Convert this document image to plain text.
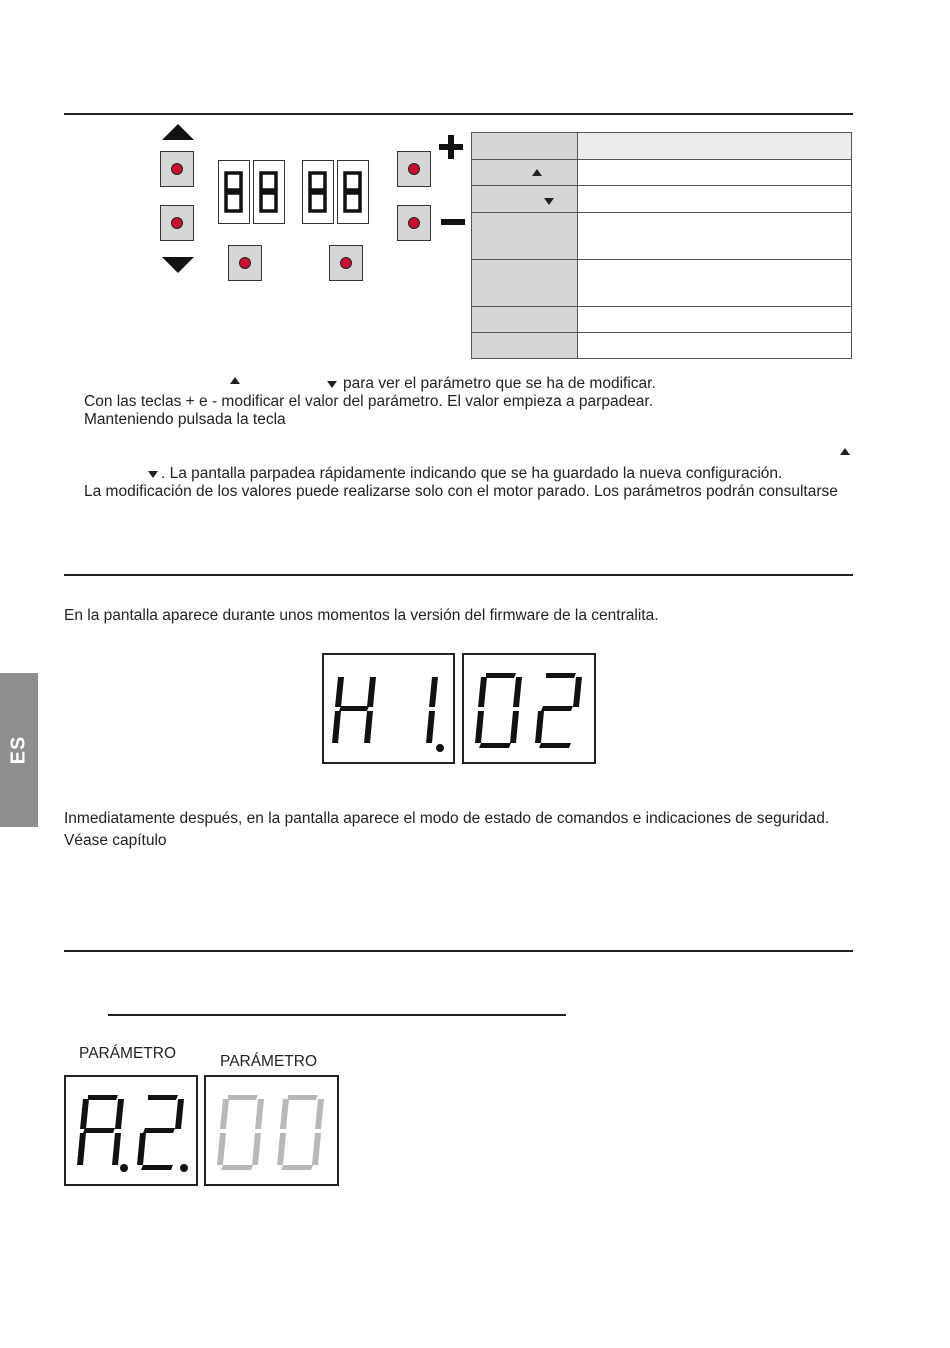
para ver el parámetro que se ha de modificar.
Con las teclas + e - modificar el valor del parámetro. El valor empieza a parpadear.
Manteniendo pulsada la tecla
. La pantalla parpadea rápidamente indicando que se ha guardado la nueva configuración.
La modificación de los valores puede realizarse solo con el motor parado. Los parámetros podrán consultarse
En la pantalla aparece durante unos momentos la versión del firmware de la centralita.
ES
Inmediatamente después, en la pantalla aparece el modo de estado de comandos e indicaciones de seguridad.
Véase capítulo
PARÁMETRO	PARÁMETRO
